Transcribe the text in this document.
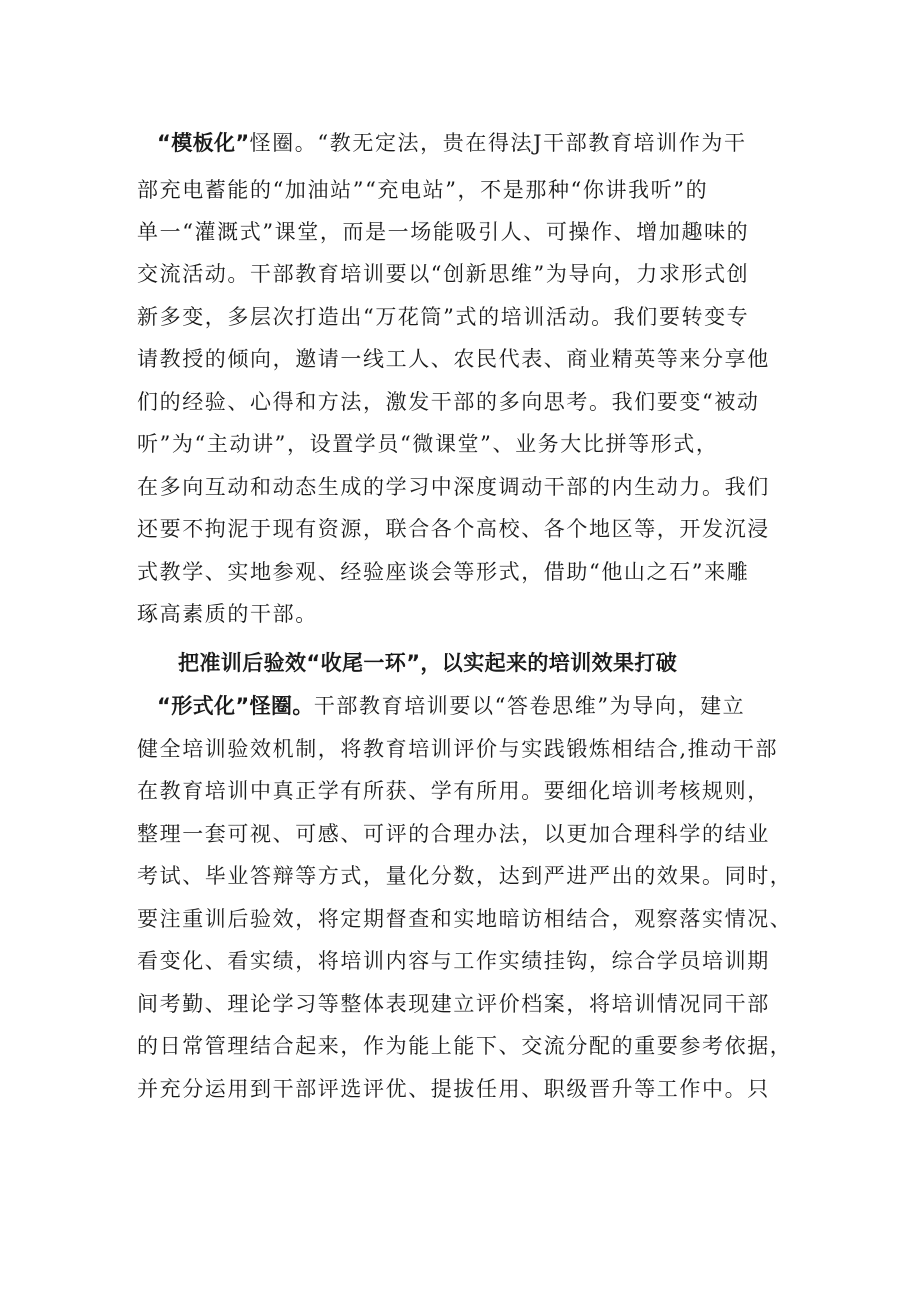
“模板化”怪圈。“教无定法，贵在得法J干部教育培训作为干
部充电蓄能的“加油站”“充电站”，不是那种“你讲我听”的
单一“灌溉式”课堂，而是一场能吸引人、可操作、增加趣味的
交流活动。干部教育培训要以“创新思维”为导向，力求形式创
新多变，多层次打造出“万花筒”式的培训活动。我们要转变专
请教授的倾向，邀请一线工人、农民代表、商业精英等来分享他
们的经验、心得和方法，激发干部的多向思考。我们要变“被动
听”为“主动讲”，设置学员“微课堂”、业务大比拼等形式，
在多向互动和动态生成的学习中深度调动干部的内生动力。我们
还要不拘泥于现有资源，联合各个高校、各个地区等，开发沉浸
式教学、实地参观、经验座谈会等形式，借助“他山之石”来雕
琢高素质的干部。
把准训后验效“收尾一环”，以实起来的培训效果打破
“形式化”怪圈。干部教育培训要以“答卷思维”为导向，建立
健全培训验效机制，将教育培训评价与实践锻炼相结合,推动干部
在教育培训中真正学有所获、学有所用。要细化培训考核规则，
整理一套可视、可感、可评的合理办法，以更加合理科学的结业
考试、毕业答辩等方式，量化分数，达到严进严出的效果。同时，
要注重训后验效，将定期督查和实地暗访相结合，观察落实情况、
看变化、看实绩，将培训内容与工作实绩挂钩，综合学员培训期
间考勤、理论学习等整体表现建立评价档案，将培训情况同干部
的日常管理结合起来，作为能上能下、交流分配的重要参考依据，
并充分运用到干部评选评优、提拔任用、职级晋升等工作中。只
